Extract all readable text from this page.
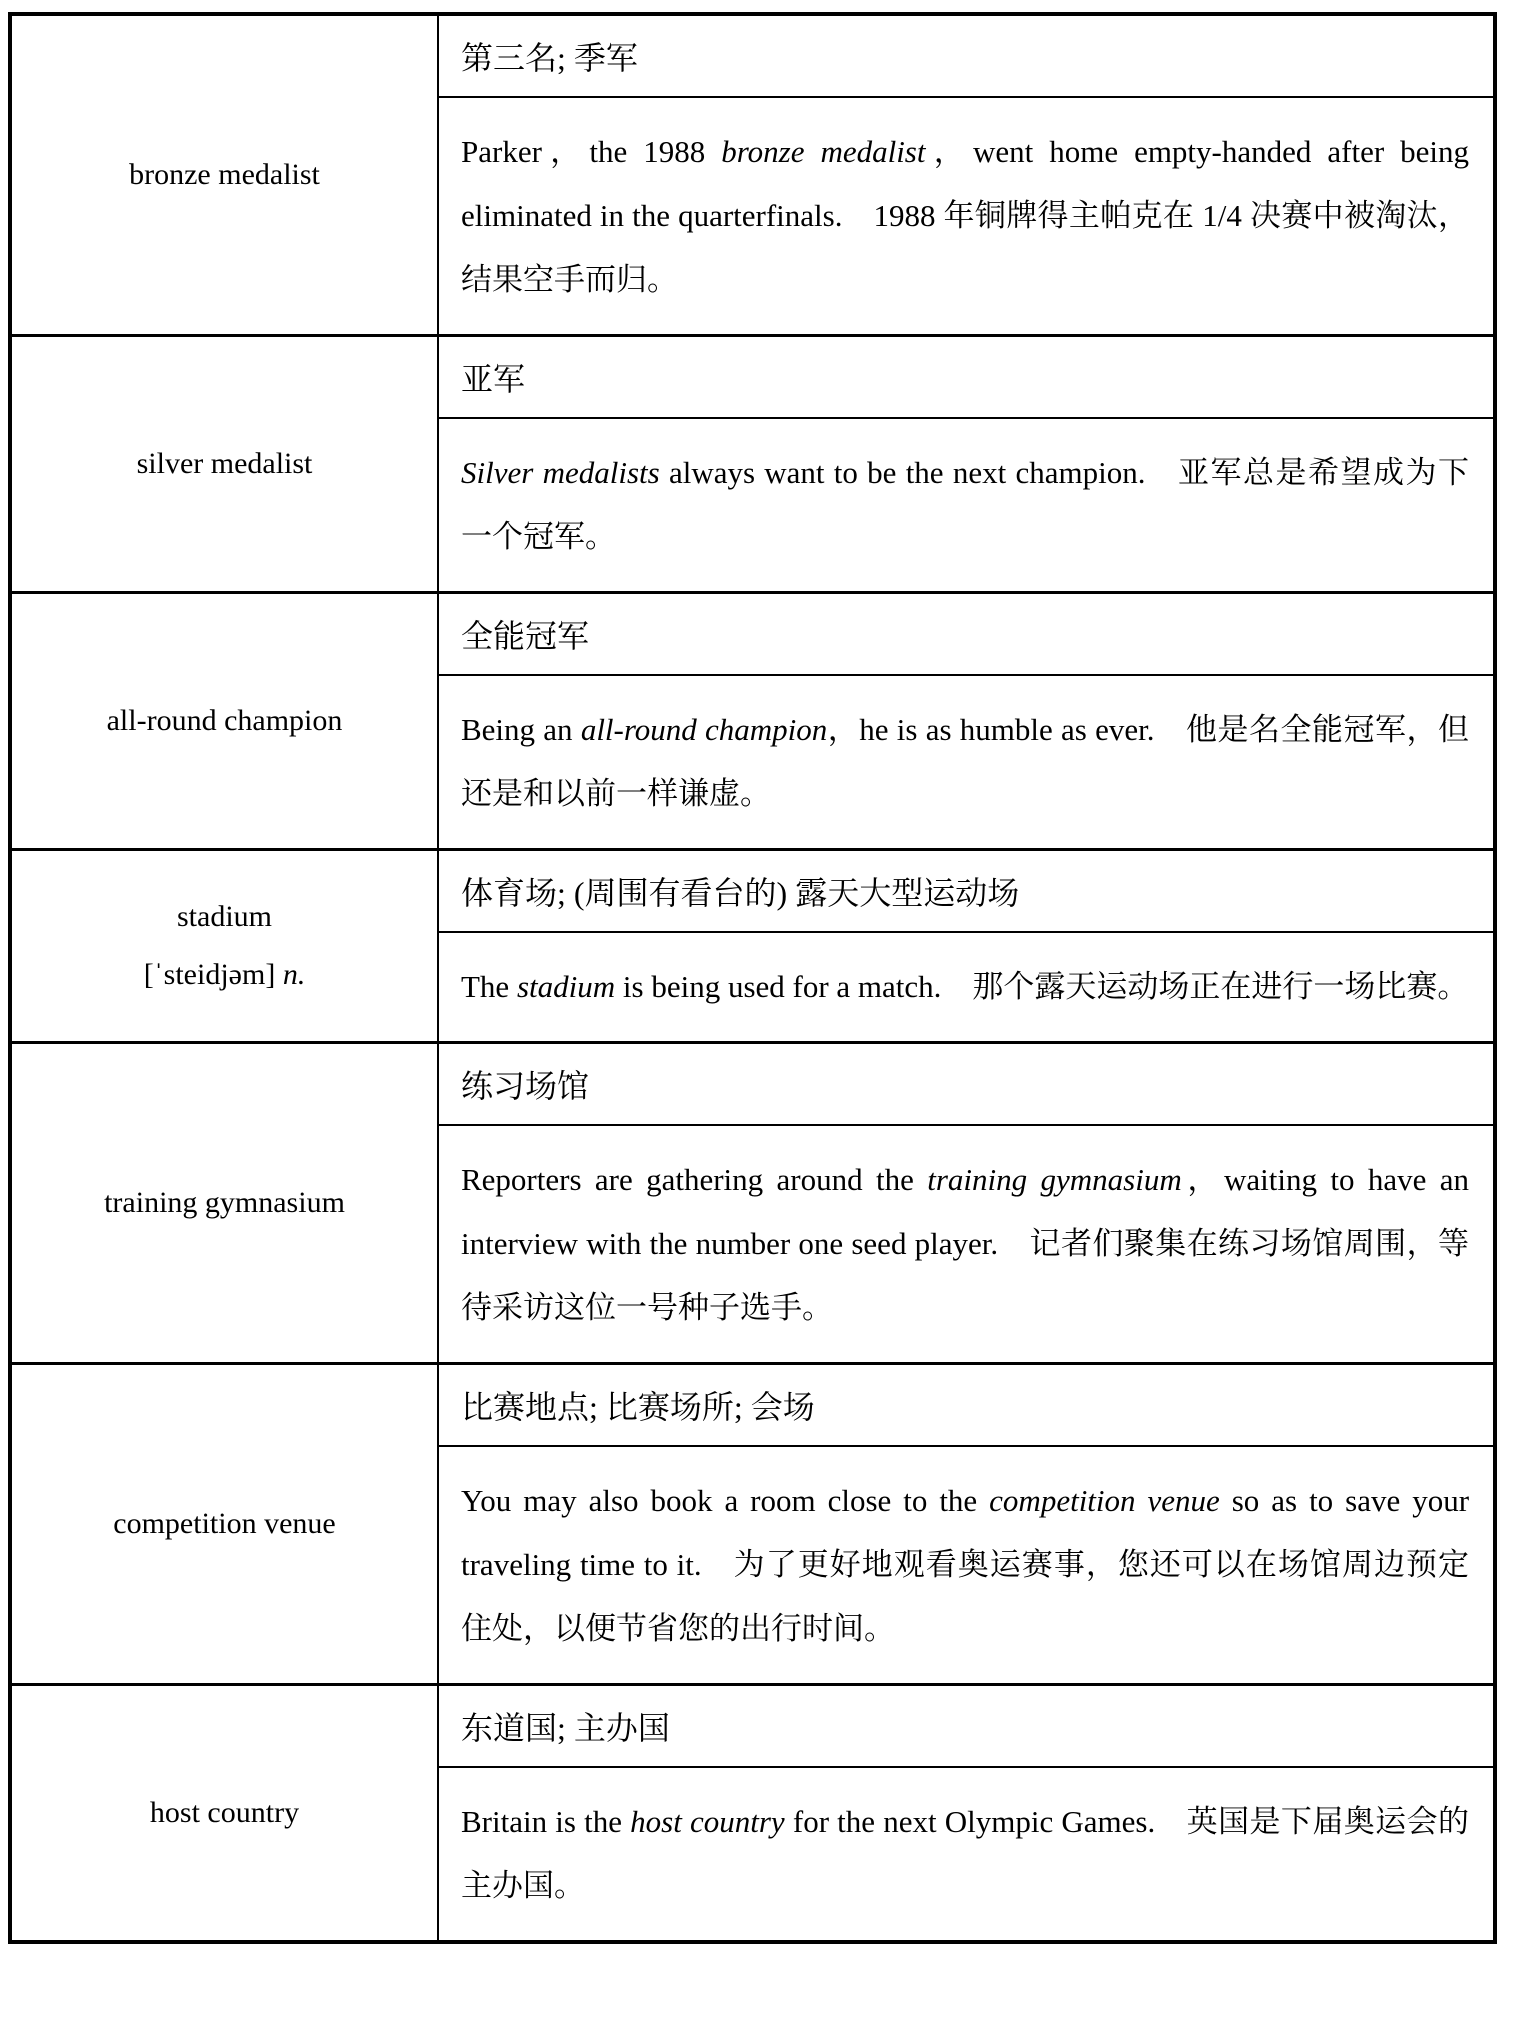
bronze medalist	第三名; 季军
	Parker，the 1988 bronze medalist，went home empty-handed after being eliminated in the quarterfinals. 1988 年铜牌得主帕克在 1/4 决赛中被淘汰，结果空手而归。

silver medalist	亚军
	Silver medalists always want to be the next champion. 亚军总是希望成为下一个冠军。

all-round champion	全能冠军
	Being an all-round champion，he is as humble as ever. 他是名全能冠军，但还是和以前一样谦虚。

stadium
[ˈsteidjəm] n.	体育场; (周围有看台的) 露天大型运动场
	The stadium is being used for a match. 那个露天运动场正在进行一场比赛。

training gymnasium	练习场馆
	Reporters are gathering around the training gymnasium，waiting to have an interview with the number one seed player. 记者们聚集在练习场馆周围，等待采访这位一号种子选手。

competition venue	比赛地点; 比赛场所; 会场
	You may also book a room close to the competition venue so as to save your traveling time to it. 为了更好地观看奥运赛事，您还可以在场馆周边预定住处，以便节省您的出行时间。

host country	东道国; 主办国
	Britain is the host country for the next Olympic Games. 英国是下届奥运会的主办国。
